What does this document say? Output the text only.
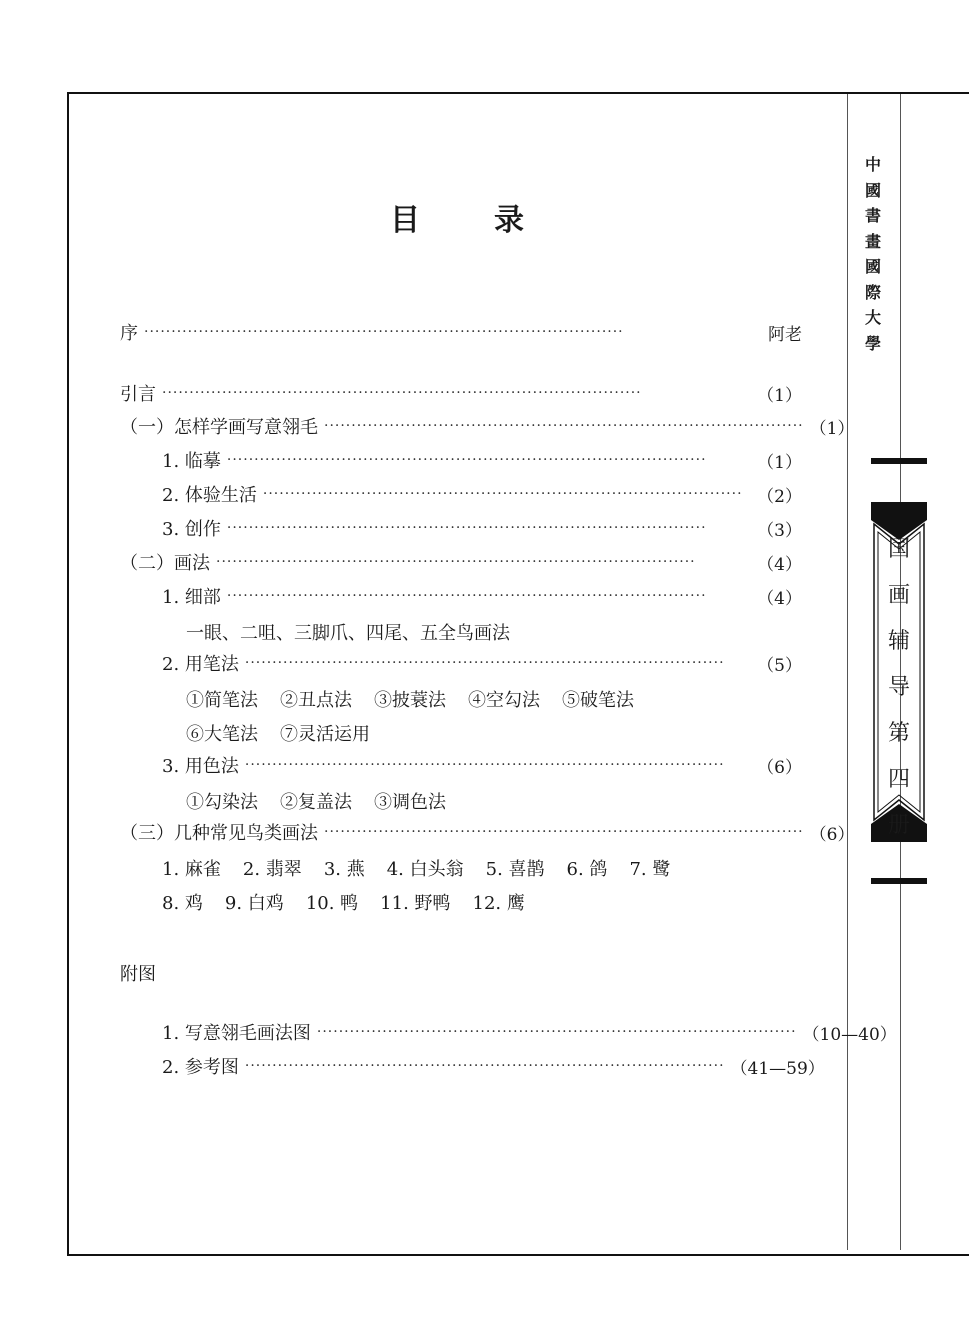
中
國
書
畫
國
際
大
學
国
画
辅
导
第
四
册
目 录
序 ························································································	阿老
引言 ························································································	（1）
（一）怎样学画写意翎毛 ························································································ （1）
1. 临摹 ························································································	（1）
2. 体验生活 ························································································ （2）
3. 创作 ························································································	（3）
（二）画法 ························································································	（4）
1. 细部 ························································································	（4）
一眼、二咀、三脚爪、四尾、五全鸟画法
2. 用笔法 ························································································	（5）
①简笔法 ②丑点法 ③披蓑法 ④空勾法 ⑤破笔法
⑥大笔法 ⑦灵活运用
3. 用色法 ························································································	（6）
①勾染法 ②复盖法 ③调色法
（三）几种常见鸟类画法 ························································································ （6）
1. 麻雀 2. 翡翠 3. 燕 4. 白头翁 5. 喜鹊 6. 鸽 7. 鹭
8. 鸡 9. 白鸡 10. 鸭 11. 野鸭 12. 鹰
附图
1. 写意翎毛画法图 ························································································ （10—40）
2. 参考图 ························································································ （41—59）
